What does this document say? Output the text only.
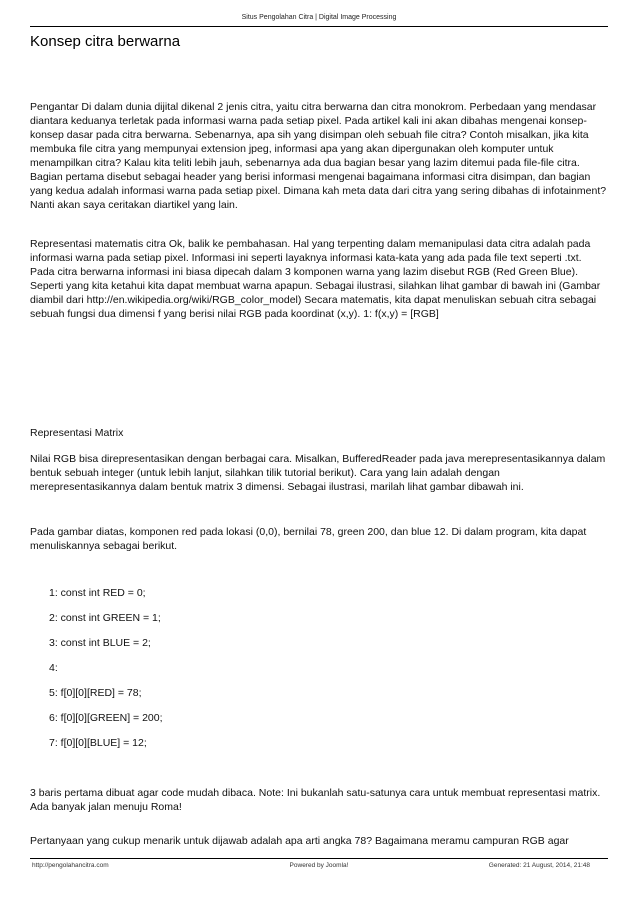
Situs Pengolahan Citra | Digital Image Processing
Konsep citra berwarna

Pengantar Di dalam dunia dijital dikenal 2 jenis citra, yaitu citra berwarna dan citra monokrom. Perbedaan yang mendasar diantara keduanya terletak pada informasi warna pada setiap pixel. Pada artikel kali ini akan dibahas mengenai konsep-konsep dasar pada citra berwarna. Sebenarnya, apa sih yang disimpan oleh sebuah file citra? Contoh misalkan, jika kita membuka file citra yang mempunyai extension jpeg, informasi apa yang akan dipergunakan oleh komputer untuk menampilkan citra? Kalau kita teliti lebih jauh, sebenarnya ada dua bagian besar yang lazim ditemui pada file-file citra. Bagian pertama disebut sebagai header yang berisi informasi mengenai bagaimana informasi citra disimpan, dan bagian yang kedua adalah informasi warna pada setiap pixel. Dimana kah meta data dari citra yang sering dibahas di infotainment? Nanti akan saya ceritakan diartikel yang lain.

Representasi matematis citra Ok, balik ke pembahasan. Hal yang terpenting dalam memanipulasi data citra adalah pada informasi warna pada setiap pixel. Informasi ini seperti layaknya informasi kata-kata yang ada pada file text seperti .txt. Pada citra berwarna informasi ini biasa dipecah dalam 3 komponen warna yang lazim disebut RGB (Red Green Blue). Seperti yang kita ketahui kita dapat membuat warna apapun. Sebagai ilustrasi, silahkan lihat gambar di bawah ini (Gambar diambil dari http://en.wikipedia.org/wiki/RGB_color_model) Secara matematis, kita dapat menuliskan sebuah citra sebagai sebuah fungsi dua dimensi f yang berisi nilai RGB pada koordinat (x,y). 1: f(x,y) = [RGB]

Representasi Matrix

Nilai RGB bisa direpresentasikan dengan berbagai cara. Misalkan, BufferedReader pada java merepresentasikannya dalam bentuk sebuah integer (untuk lebih lanjut, silahkan tilik tutorial berikut). Cara yang lain adalah dengan merepresentasikannya dalam bentuk matrix 3 dimensi. Sebagai ilustrasi, marilah lihat gambar dibawah ini.

Pada gambar diatas, komponen red pada lokasi (0,0), bernilai 78, green 200, dan blue 12. Di dalam program, kita dapat menuliskannya sebagai berikut.

1: const int RED = 0;

2: const int GREEN = 1;

3: const int BLUE = 2;

4:

5: f[0][0][RED] = 78;

6: f[0][0][GREEN] = 200;

7: f[0][0][BLUE] = 12;

3 baris pertama dibuat agar code mudah dibaca. Note: Ini bukanlah satu-satunya cara untuk membuat representasi matrix. Ada banyak jalan menuju Roma!

Pertanyaan yang cukup menarik untuk dijawab adalah apa arti angka 78? Bagaimana meramu campuran RGB agar

Powered by Joomla!
http://pengolahancitra.com	Generated: 21 August, 2014, 21:48
